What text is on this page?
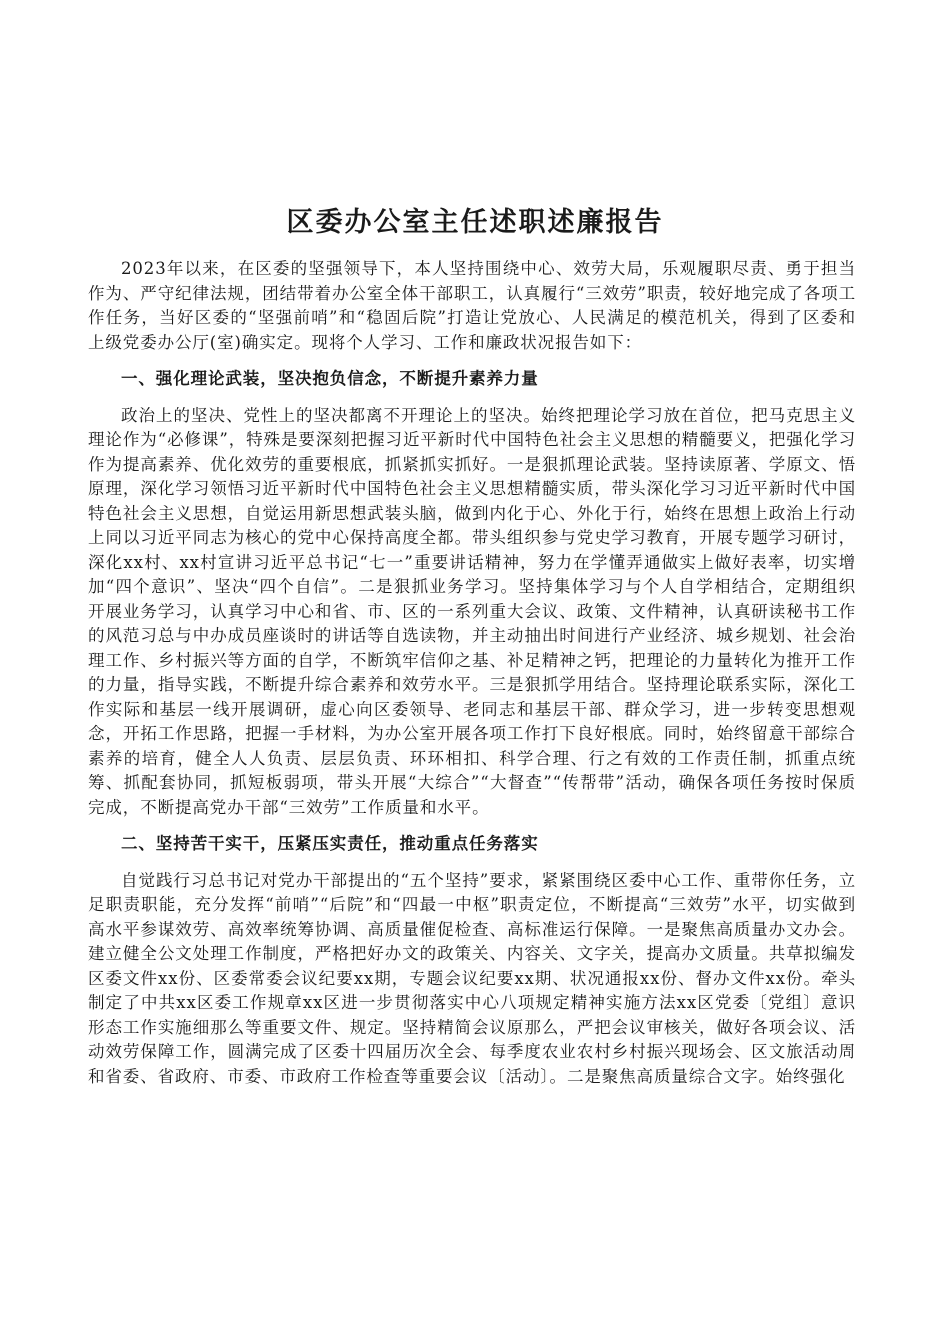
区委办公室主任述职述廉报告

2023年以来，在区委的坚强领导下，本人坚持围绕中心、效劳大局，乐观履职尽责、勇于担当作为、严守纪律法规，团结带着办公室全体干部职工，认真履行“三效劳”职责，较好地完成了各项工作任务，当好区委的“坚强前哨”和“稳固后院”打造让党放心、人民满足的模范机关，得到了区委和上级党委办公厅(室)确实定。现将个人学习、工作和廉政状况报告如下：

一、强化理论武装，坚决抱负信念，不断提升素养力量

政治上的坚决、党性上的坚决都离不开理论上的坚决。始终把理论学习放在首位，把马克思主义理论作为“必修课”，特殊是要深刻把握习近平新时代中国特色社会主义思想的精髓要义，把强化学习作为提高素养、优化效劳的重要根底，抓紧抓实抓好。一是狠抓理论武装。坚持读原著、学原文、悟原理，深化学习领悟习近平新时代中国特色社会主义思想精髓实质，带头深化学习习近平新时代中国特色社会主义思想，自觉运用新思想武装头脑，做到内化于心、外化于行，始终在思想上政治上行动上同以习近平同志为核心的党中心保持高度全都。带头组织参与党史学习教育，开展专题学习研讨，深化xx村、xx村宣讲习近平总书记“七一”重要讲话精神，努力在学懂弄通做实上做好表率，切实增加“四个意识”、坚决“四个自信”。二是狠抓业务学习。坚持集体学习与个人自学相结合，定期组织开展业务学习，认真学习中心和省、市、区的一系列重大会议、政策、文件精神，认真研读秘书工作的风范习总与中办成员座谈时的讲话等自选读物，并主动抽出时间进行产业经济、城乡规划、社会治理工作、乡村振兴等方面的自学，不断筑牢信仰之基、补足精神之钙，把理论的力量转化为推开工作的力量，指导实践，不断提升综合素养和效劳水平。三是狠抓学用结合。坚持理论联系实际，深化工作实际和基层一线开展调研，虚心向区委领导、老同志和基层干部、群众学习，进一步转变思想观念，开拓工作思路，把握一手材料，为办公室开展各项工作打下良好根底。同时，始终留意干部综合素养的培育，健全人人负责、层层负责、环环相扣、科学合理、行之有效的工作责任制，抓重点统筹、抓配套协同，抓短板弱项，带头开展“大综合”“大督查”“传帮带”活动，确保各项任务按时保质完成，不断提高党办干部“三效劳”工作质量和水平。

二、坚持苦干实干，压紧压实责任，推动重点任务落实

自觉践行习总书记对党办干部提出的“五个坚持”要求，紧紧围绕区委中心工作、重带你任务，立足职责职能，充分发挥“前哨”“后院”和“四最一中枢”职责定位，不断提高“三效劳”水平，切实做到高水平参谋效劳、高效率统筹协调、高质量催促检查、高标准运行保障。一是聚焦高质量办文办会。建立健全公文处理工作制度，严格把好办文的政策关、内容关、文字关，提高办文质量。共草拟编发区委文件xx份、区委常委会议纪要xx期，专题会议纪要xx期、状况通报xx份、督办文件xx份。牵头制定了中共xx区委工作规章xx区进一步贯彻落实中心八项规定精神实施方法xx区党委〔党组〕意识形态工作实施细那么等重要文件、规定。坚持精简会议原那么，严把会议审核关，做好各项会议、活动效劳保障工作，圆满完成了区委十四届历次全会、每季度农业农村乡村振兴现场会、区文旅活动周和省委、省政府、市委、市政府工作检查等重要会议〔活动〕。二是聚焦高质量综合文字。始终强化
